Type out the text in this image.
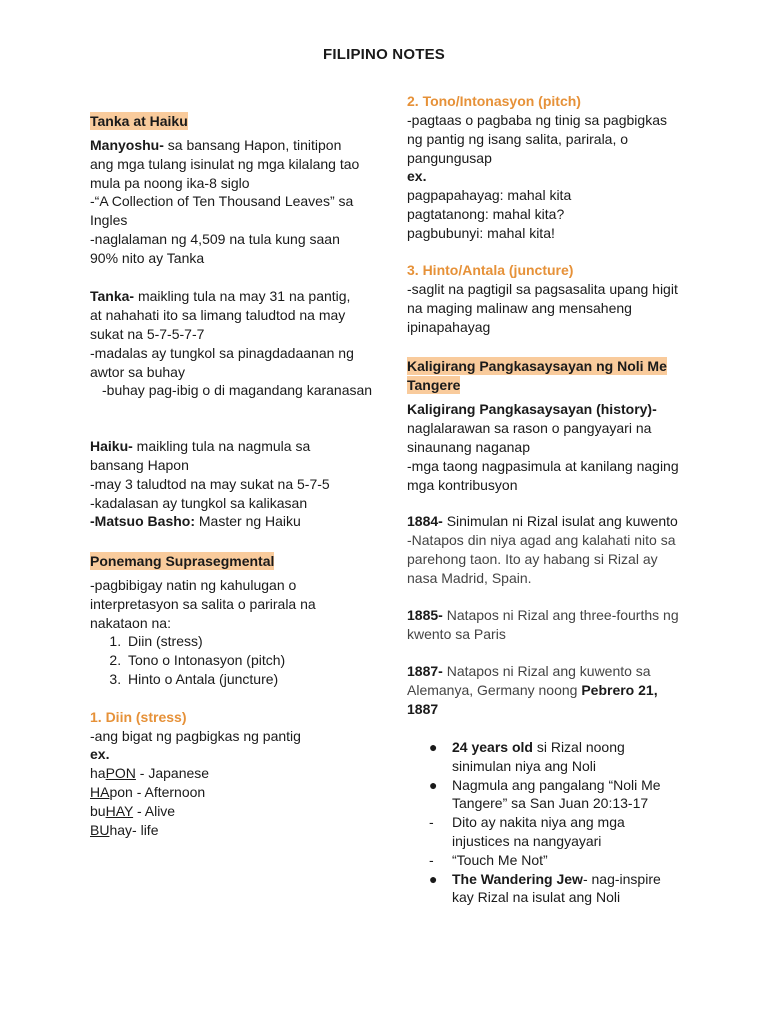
FILIPINO NOTES

Tanka at Haiku

Manyoshu- sa bansang Hapon, tinitipon ang mga tulang isinulat ng mga kilalang tao mula pa noong ika-8 siglo

-“A Collection of Ten Thousand Leaves” sa Ingles

-naglalaman ng 4,509 na tula kung saan 90% nito ay Tanka

Tanka- maikling tula na may 31 na pantig, at nahahati ito sa limang taludtod na may sukat na 5-7-5-7-7

-madalas ay tungkol sa pinagdadaanan ng awtor sa buhay

-buhay pag-ibig o di magandang karanasan

Haiku- maikling tula na nagmula sa bansang Hapon

-may 3 taludtod na may sukat na 5-7-5

-kadalasan ay tungkol sa kalikasan

-Matsuo Basho: Master ng Haiku

Ponemang Suprasegmental

-pagbibigay natin ng kahulugan o interpretasyon sa salita o parirala na nakataon na:

1. Diin (stress)
2. Tono o Intonasyon (pitch)
3. Hinto o Antala (juncture)

1. Diin (stress)

-ang bigat ng pagbigkas ng pantig

ex.

haPON - Japanese

HApon - Afternoon

buHAY - Alive

BUhay- life

2. Tono/Intonasyon (pitch)

-pagtaas o pagbaba ng tinig sa pagbigkas ng pantig ng isang salita, parirala, o pangungusap

ex.

pagpapahayag: mahal kita

pagtatanong: mahal kita?

pagbubunyi: mahal kita!

3. Hinto/Antala (juncture)

-saglit na pagtigil sa pagsasalita upang higit na maging malinaw ang mensaheng ipinapahayag

Kaligirang Pangkasaysayan ng Noli Me Tangere

Kaligirang Pangkasaysayan (history)- naglalarawan sa rason o pangyayari na sinaunang naganap

-mga taong nagpasimula at kanilang naging mga kontribusyon

1884- Sinimulan ni Rizal isulat ang kuwento

-Natapos din niya agad ang kalahati nito sa parehong taon. Ito ay habang si Rizal ay nasa Madrid, Spain.

1885- Natapos ni Rizal ang three-fourths ng kwento sa Paris

1887- Natapos ni Rizal ang kuwento sa Alemanya, Germany noong Pebrero 21, 1887

● 24 years old si Rizal noong sinimulan niya ang Noli
● Nagmula ang pangalang “Noli Me Tangere” sa San Juan 20:13-17
- Dito ay nakita niya ang mga injustices na nangyayari
- “Touch Me Not”
● The Wandering Jew- nag-inspire kay Rizal na isulat ang Noli
